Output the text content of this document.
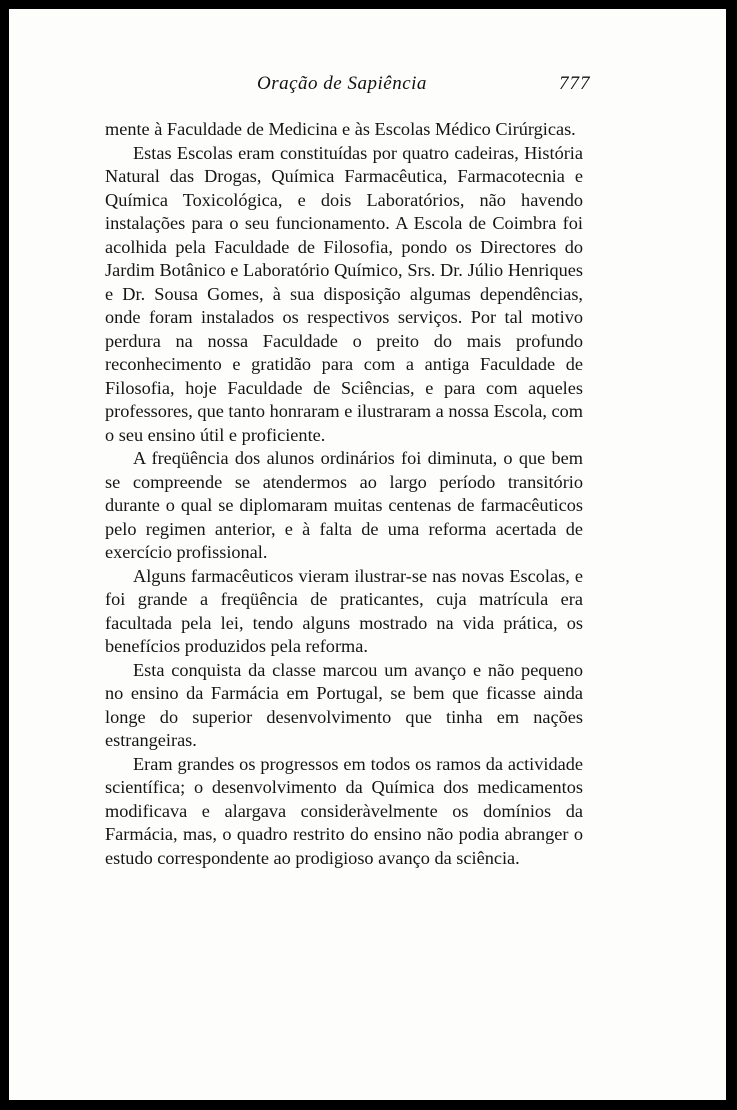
Oração de Sapiência	777

mente à Faculdade de Medicina e às Escolas Médico Cirúrgicas.

Estas Escolas eram constituídas por quatro cadeiras, História Natural das Drogas, Química Farmacêutica, Farmacotecnia e Química Toxicológica, e dois Laboratórios, não havendo instalações para o seu funcionamento. A Escola de Coimbra foi acolhida pela Faculdade de Filosofia, pondo os Directores do Jardim Botânico e Laboratório Químico, Srs. Dr. Júlio Henriques e Dr. Sousa Gomes, à sua disposição algumas dependências, onde foram instalados os respectivos serviços. Por tal motivo perdura na nossa Faculdade o preito do mais profundo reconhecimento e gratidão para com a antiga Faculdade de Filosofia, hoje Faculdade de Sciências, e para com aqueles professores, que tanto honraram e ilustraram a nossa Escola, com o seu ensino útil e proficiente.

A freqüência dos alunos ordinários foi diminuta, o que bem se compreende se atendermos ao largo período transitório durante o qual se diplomaram muitas centenas de farmacêuticos pelo regimen anterior, e à falta de uma reforma acertada de exercício profissional.

Alguns farmacêuticos vieram ilustrar-se nas novas Escolas, e foi grande a freqüência de praticantes, cuja matrícula era facultada pela lei, tendo alguns mostrado na vida prática, os benefícios produzidos pela reforma.

Esta conquista da classe marcou um avanço e não pequeno no ensino da Farmácia em Portugal, se bem que ficasse ainda longe do superior desenvolvimento que tinha em nações estrangeiras.

Eram grandes os progressos em todos os ramos da actividade scientífica; o desenvolvimento da Química dos medicamentos modificava e alargava consideràvelmente os domínios da Farmácia, mas, o quadro restrito do ensino não podia abranger o estudo correspondente ao prodigioso avanço da sciência.
